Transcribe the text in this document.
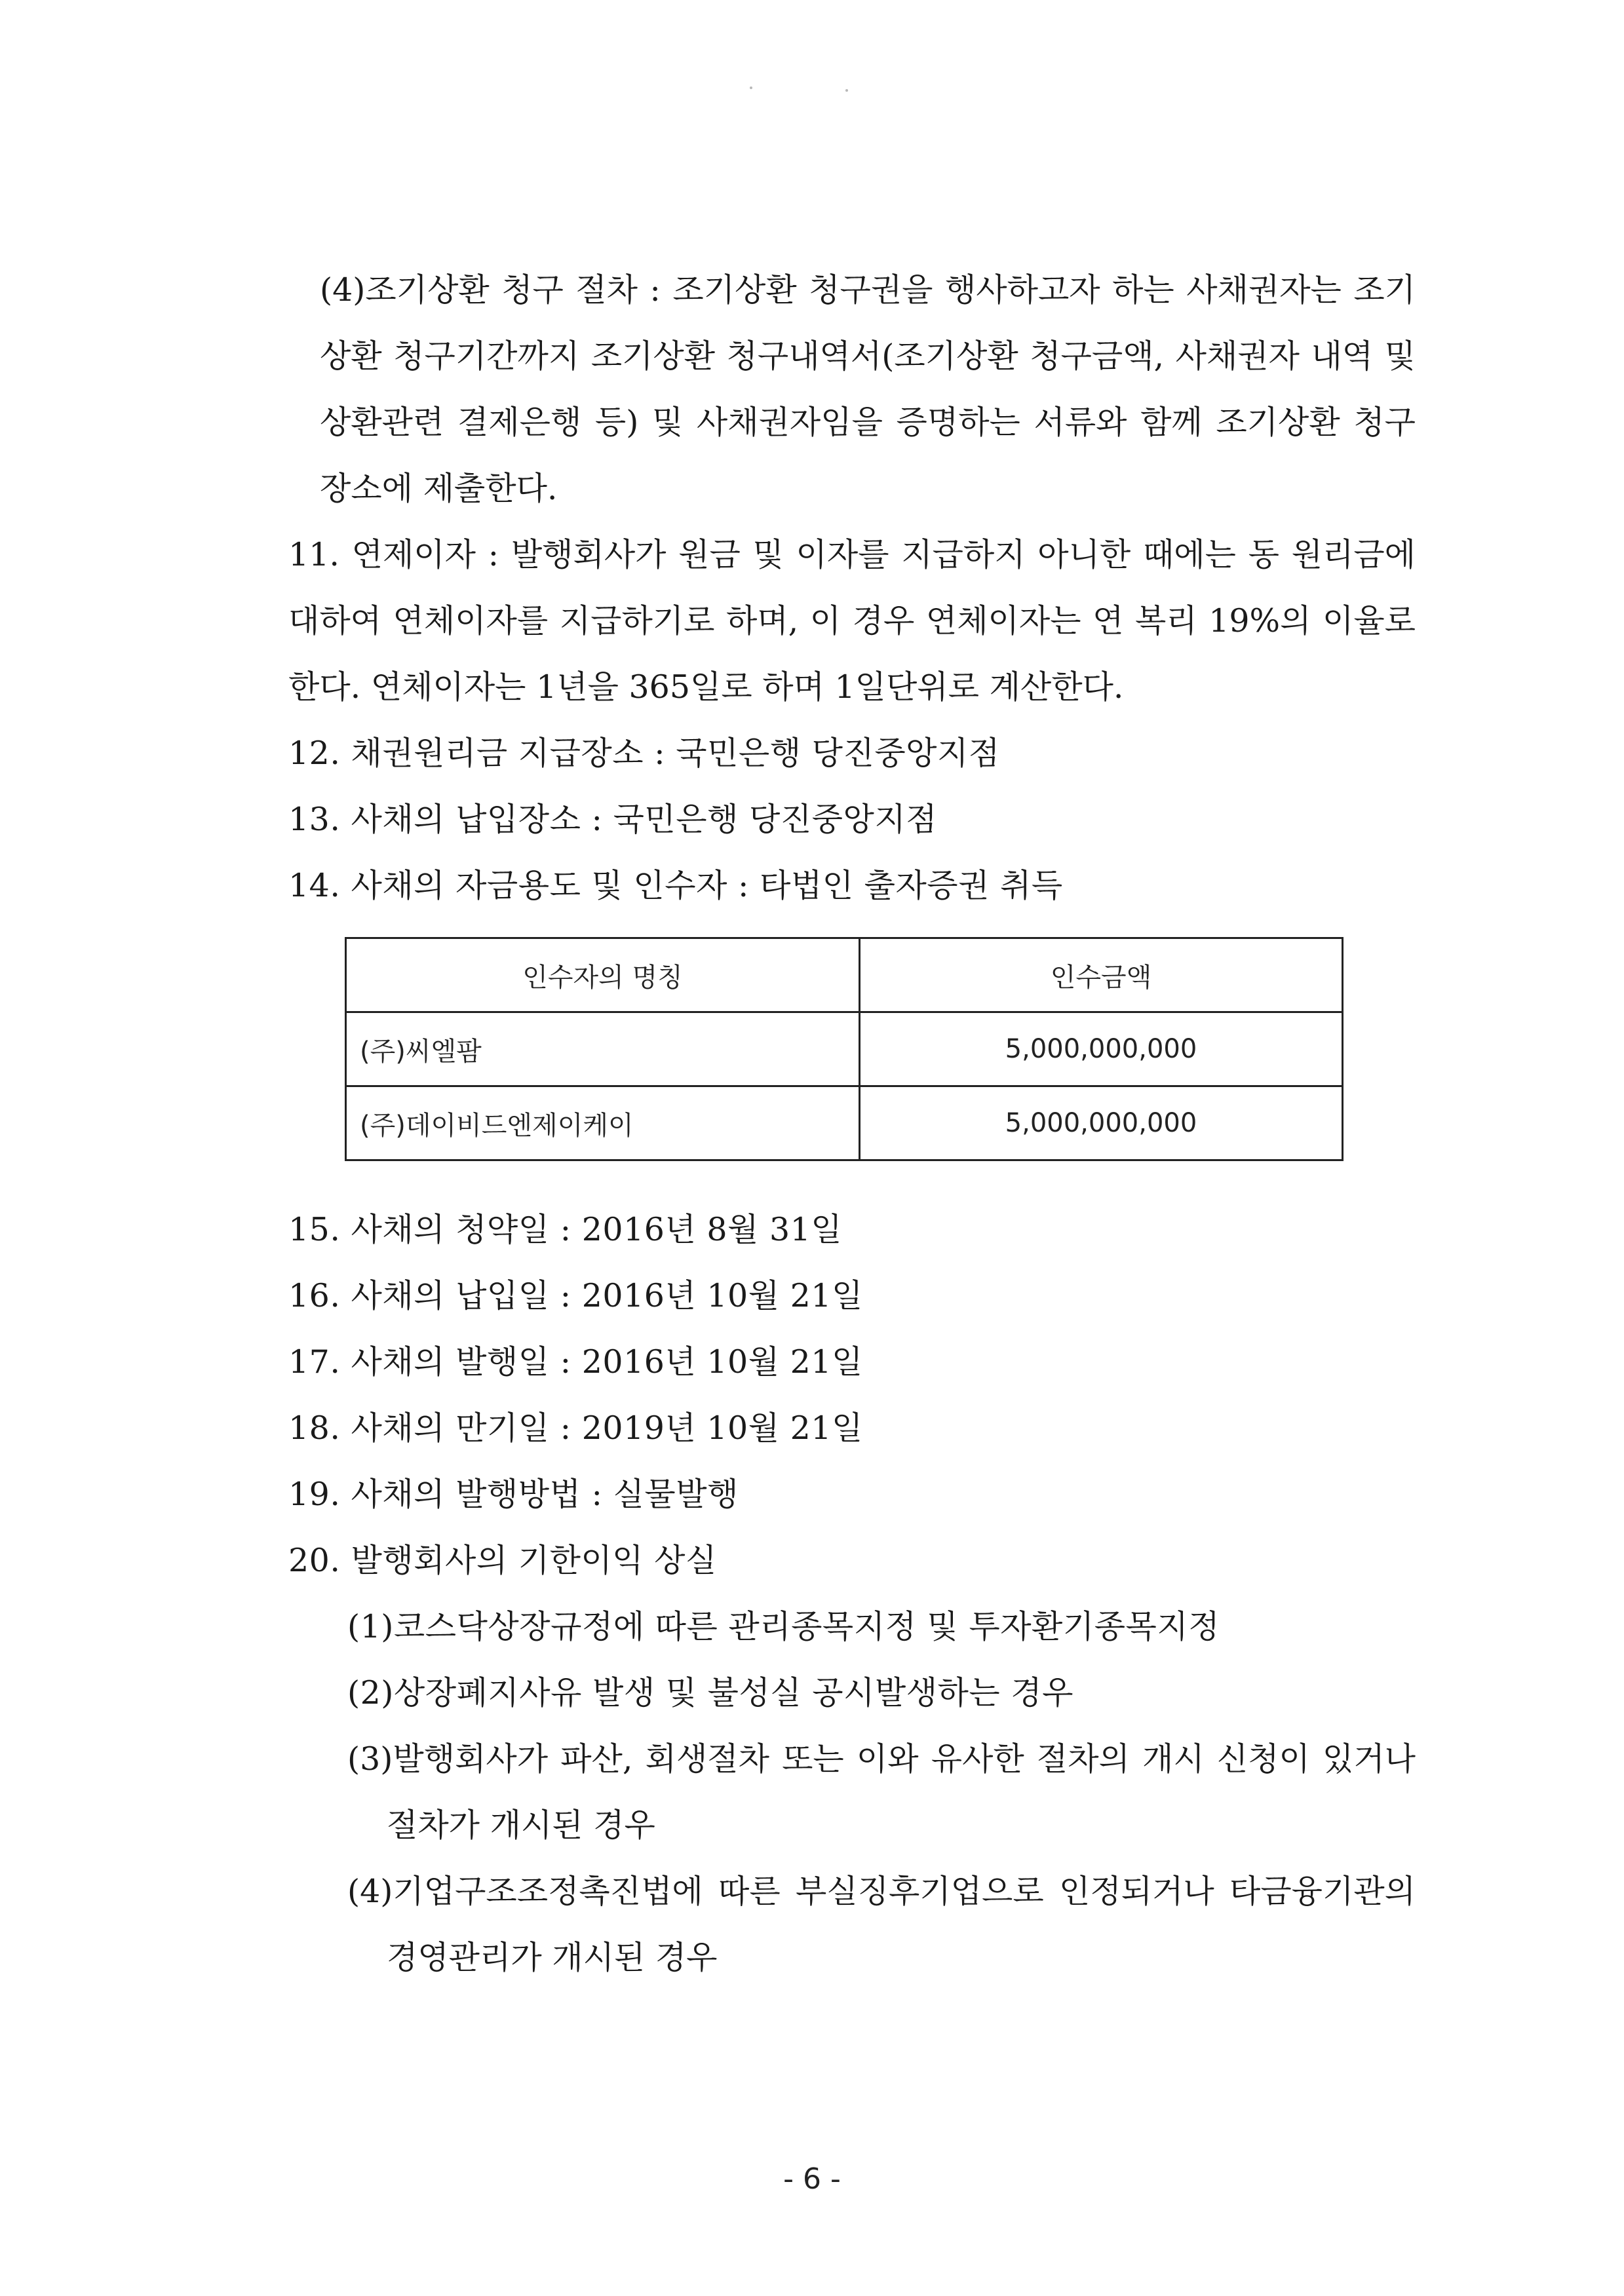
(4)조기상환 청구 절차 : 조기상환 청구권을 행사하고자 하는 사채권자는 조기상환 청구기간까지 조기상환 청구내역서(조기상환 청구금액, 사채권자 내역 및 상환관련 결제은행 등) 및 사채권자임을 증명하는 서류와 함께 조기상환 청구장소에 제출한다.
11. 연제이자 : 발행회사가 원금 및 이자를 지급하지 아니한 때에는 동 원리금에 대하여 연체이자를 지급하기로 하며, 이 경우 연체이자는 연 복리 19%의 이율로 한다. 연체이자는 1년을 365일로 하며 1일단위로 계산한다.
12. 채권원리금 지급장소 : 국민은행 당진중앙지점
13. 사채의 납입장소 : 국민은행 당진중앙지점
14. 사채의 자금용도 및 인수자 : 타법인 출자증권 취득
인수자의 명칭	인수금액
(주)씨엘팜	5,000,000,000
(주)데이비드엔제이케이	5,000,000,000
15. 사채의 청약일 : 2016년 8월 31일
16. 사채의 납입일 : 2016년 10월 21일
17. 사채의 발행일 : 2016년 10월 21일
18. 사채의 만기일 : 2019년 10월 21일
19. 사채의 발행방법 : 실물발행
20. 발행회사의 기한이익 상실
(1)코스닥상장규정에 따른 관리종목지정 및 투자환기종목지정
(2)상장폐지사유 발생 및 불성실 공시발생하는 경우
(3)발행회사가 파산, 회생절차 또는 이와 유사한 절차의 개시 신청이 있거나 절차가 개시된 경우
(4)기업구조조정촉진법에 따른 부실징후기업으로 인정되거나 타금융기관의 경영관리가 개시된 경우
- 6 -
